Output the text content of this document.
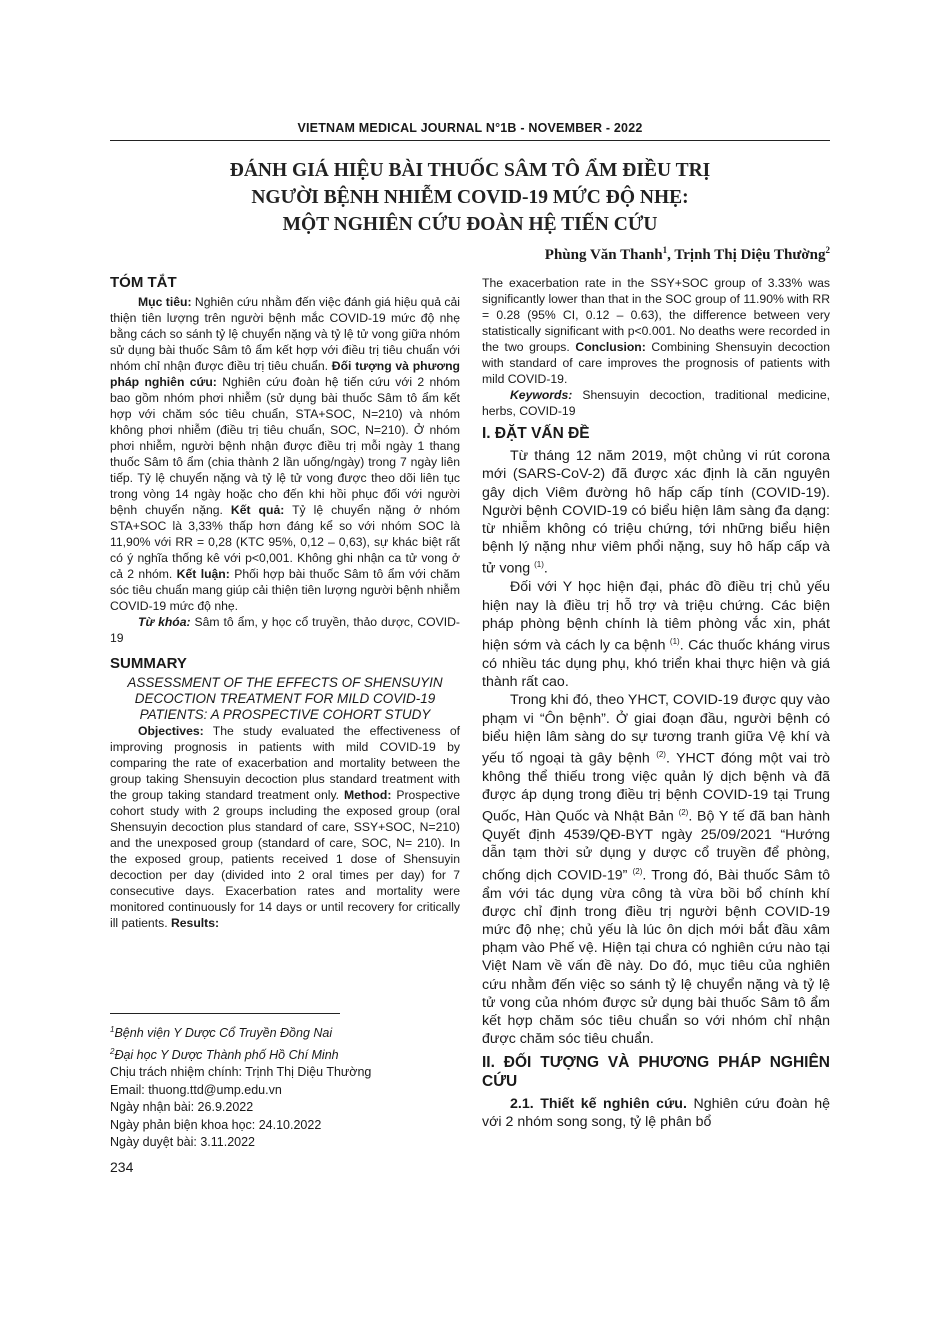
VIETNAM MEDICAL JOURNAL N°1B - NOVEMBER - 2022
ĐÁNH GIÁ HIỆU BÀI THUỐC SÂM TÔ ẨM ĐIỀU TRỊ
NGƯỜI BỆNH NHIỄM COVID-19 MỨC ĐỘ NHẸ:
MỘT NGHIÊN CỨU ĐOÀN HỆ TIẾN CỨU
Phùng Văn Thanh$^1$, Trịnh Thị Diệu Thường$^2$

TÓM TẮT

Mục tiêu: Nghiên cứu nhằm đến việc đánh giá hiệu quả cải thiện tiên lượng trên người bệnh mắc COVID-19 mức độ nhẹ bằng cách so sánh tỷ lệ chuyển nặng và tỷ lệ tử vong giữa nhóm sử dụng bài thuốc Sâm tô ẩm kết hợp với điều trị tiêu chuẩn với nhóm chỉ nhận được điều trị tiêu chuẩn. Đối tượng và phương pháp nghiên cứu: Nghiên cứu đoàn hệ tiến cứu với 2 nhóm bao gồm nhóm phơi nhiễm (sử dụng bài thuốc Sâm tô ẩm kết hợp với chăm sóc tiêu chuẩn, STA+SOC, N=210) và nhóm không phơi nhiễm (điều trị tiêu chuẩn, SOC, N=210). Ở nhóm phơi nhiễm, người bệnh nhận được điều trị mỗi ngày 1 thang thuốc Sâm tô ẩm (chia thành 2 lần uống/ngày) trong 7 ngày liên tiếp. Tỷ lệ chuyển nặng và tỷ lệ tử vong được theo dõi liên tục trong vòng 14 ngày hoặc cho đến khi hồi phục đối với người bệnh chuyển nặng. Kết quả: Tỷ lệ chuyển nặng ở nhóm STA+SOC là 3,33% thấp hơn đáng kể so với nhóm SOC là 11,90% với RR = 0,28 (KTC 95%, 0,12 – 0,63), sự khác biệt rất có ý nghĩa thống kê với p<0,001. Không ghi nhận ca tử vong ở cả 2 nhóm. Kết luận: Phối hợp bài thuốc Sâm tô ẩm với chăm sóc tiêu chuẩn mang giúp cải thiện tiên lượng người bệnh nhiễm COVID-19 mức độ nhẹ.

Từ khóa: Sâm tô ẩm, y học cổ truyền, thảo dược, COVID-19

SUMMARY

ASSESSMENT OF THE EFFECTS OF SHENSUYIN DECOCTION TREATMENT FOR MILD COVID-19 PATIENTS: A PROSPECTIVE COHORT STUDY

Objectives: The study evaluated the effectiveness of improving prognosis in patients with mild COVID-19 by comparing the rate of exacerbation and mortality between the group taking Shensuyin decoction plus standard treatment with the group taking standard treatment only. Method: Prospective cohort study with 2 groups including the exposed group (oral Shensuyin decoction plus standard of care, SSY+SOC, N=210) and the unexposed group (standard of care, SOC, N= 210). In the exposed group, patients received 1 dose of Shensuyin decoction per day (divided into 2 oral times per day) for 7 consecutive days. Exacerbation rates and mortality were monitored continuously for 14 days or until recovery for critically ill patients. Results:

The exacerbation rate in the SSY+SOC group of 3.33% was significantly lower than that in the SOC group of 11.90% with RR = 0.28 (95% CI, 0.12 – 0.63), the difference between very statistically significant with p<0.001. No deaths were recorded in the two groups. Conclusion: Combining Shensuyin decoction with standard of care improves the prognosis of patients with mild COVID-19.

Keywords: Shensuyin decoction, traditional medicine, herbs, COVID-19

I. ĐẶT VẤN ĐỀ

Từ tháng 12 năm 2019, một chủng vi rút corona mới (SARS-CoV-2) đã được xác định là căn nguyên gây dịch Viêm đường hô hấp cấp tính (COVID-19). Người bệnh COVID-19 có biểu hiện lâm sàng đa dạng: từ nhiễm không có triệu chứng, tới những biểu hiện bệnh lý nặng như viêm phổi nặng, suy hô hấp cấp và tử vong $^{(1)}$.

Đối với Y học hiện đại, phác đồ điều trị chủ yếu hiện nay là điều trị hỗ trợ và triệu chứng. Các biện pháp phòng bệnh chính là tiêm phòng vắc xin, phát hiện sớm và cách ly ca bệnh $^{(1)}$. Các thuốc kháng virus có nhiều tác dụng phụ, khó triển khai thực hiện và giá thành rất cao.

Trong khi đó, theo YHCT, COVID-19 được quy vào phạm vi “Ôn bệnh”. Ở giai đoạn đầu, người bệnh có biểu hiện lâm sàng do sự tương tranh giữa Vệ khí và yếu tố ngoại tà gây bệnh $^{(2)}$. YHCT đóng một vai trò không thể thiếu trong việc quản lý dịch bệnh và đã được áp dụng trong điều trị bệnh COVID-19 tại Trung Quốc, Hàn Quốc và Nhật Bản $^{(2)}$. Bộ Y tế đã ban hành Quyết định 4539/QĐ-BYT ngày 25/09/2021 “Hướng dẫn tạm thời sử dụng y dược cổ truyền để phòng, chống dịch COVID-19” $^{(2)}$. Trong đó, Bài thuốc Sâm tô ẩm với tác dụng vừa công tà vừa bồi bổ chính khí được chỉ định trong điều trị người bệnh COVID-19 mức độ nhẹ; chủ yếu là lúc ôn dịch mới bắt đầu xâm phạm vào Phế vệ. Hiện tại chưa có nghiên cứu nào tại Việt Nam về vấn đề này. Do đó, mục tiêu của nghiên cứu nhằm đến việc so sánh tỷ lệ chuyển nặng và tỷ lệ tử vong của nhóm được sử dụng bài thuốc Sâm tô ẩm kết hợp chăm sóc tiêu chuẩn so với nhóm chỉ nhận được chăm sóc tiêu chuẩn.

II. ĐỐI TƯỢNG VÀ PHƯƠNG PHÁP NGHIÊN CỨU

2.1. Thiết kế nghiên cứu. Nghiên cứu đoàn hệ với 2 nhóm song song, tỷ lệ phân bổ

$^1$Bệnh viện Y Dược Cổ Truyền Đồng Nai
$^2$Đại học Y Dược Thành phố Hồ Chí Minh
Chịu trách nhiệm chính: Trịnh Thị Diệu Thường
Email: thuong.ttd@ump.edu.vn
Ngày nhận bài: 26.9.2022
Ngày phản biện khoa học: 24.10.2022
Ngày duyệt bài: 3.11.2022
234
